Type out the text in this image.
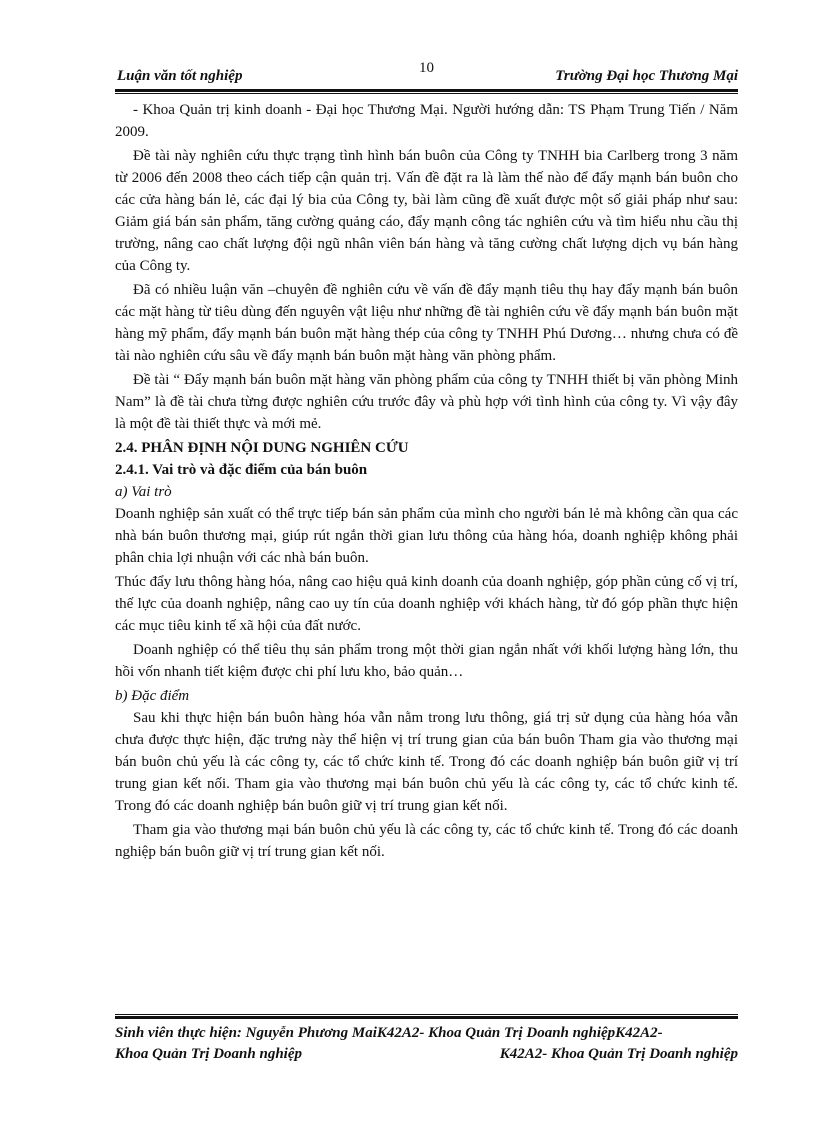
10
Luận văn tốt nghiệp	Trường Đại học Thương Mại

- Khoa Quản trị kinh doanh - Đại học Thương Mại. Người hướng dẫn: TS Phạm Trung Tiến / Năm 2009.

Đề tài này nghiên cứu thực trạng tình hình bán buôn của Công ty TNHH bia Carlberg trong 3 năm từ 2006 đến 2008 theo cách tiếp cận quản trị. Vấn đề đặt ra là làm thế nào để đẩy mạnh bán buôn cho các cửa hàng bán lẻ, các đại lý bia của Công ty, bài làm cũng đề xuất được một số giải pháp như sau: Giảm giá bán sản phẩm, tăng cường quảng cáo, đẩy mạnh công tác nghiên cứu và tìm hiểu nhu cầu thị trường, nâng cao chất lượng đội ngũ nhân viên bán hàng và tăng cường chất lượng dịch vụ bán hàng của Công ty.

Đã có nhiều luận văn –chuyên đề nghiên cứu về vấn đề đẩy mạnh tiêu thụ hay đẩy mạnh bán buôn các mặt hàng từ tiêu dùng đến nguyên vật liệu như những đề tài nghiên cứu về đẩy mạnh bán buôn mặt hàng mỹ phẩm, đẩy mạnh bán buôn mặt hàng thép của công ty TNHH Phú Dương… nhưng chưa có đề tài nào nghiên cứu sâu về đẩy mạnh bán buôn mặt hàng văn phòng phẩm.

Đề tài “ Đẩy mạnh bán buôn mặt hàng văn phòng phẩm của công ty TNHH thiết bị văn phòng Minh Nam” là đề tài chưa từng được nghiên cứu trước đây và phù hợp với tình hình của công ty. Vì vậy đây là một đề tài thiết thực và mới mẻ.

2.4. PHÂN ĐỊNH NỘI DUNG NGHIÊN CỨU
2.4.1. Vai trò và đặc điểm của bán buôn
a) Vai trò

Doanh nghiệp sản xuất có thể trực tiếp bán sản phẩm của mình cho người bán lẻ mà không cần qua các nhà bán buôn thương mại, giúp rút ngắn thời gian lưu thông của hàng hóa, doanh nghiệp không phải phân chia lợi nhuận với các nhà bán buôn.

Thúc đẩy lưu thông hàng hóa, nâng cao hiệu quả kinh doanh của doanh nghiệp, góp phần củng cố vị trí, thế lực của doanh nghiệp, nâng cao uy tín của doanh nghiệp với khách hàng, từ đó góp phần thực hiện các mục tiêu kinh tế xã hội của đất nước.

Doanh nghiệp có thể tiêu thụ sản phẩm trong một thời gian ngắn nhất với khối lượng hàng lớn, thu hồi vốn nhanh tiết kiệm được chi phí lưu kho, bảo quản…

b) Đặc điểm

Sau khi thực hiện bán buôn hàng hóa vẫn nằm trong lưu thông, giá trị sử dụng của hàng hóa vẫn chưa được thực hiện, đặc trưng này thể hiện vị trí trung gian của bán buôn Tham gia vào thương mại bán buôn chủ yếu là các công ty, các tổ chức kinh tế. Trong đó các doanh nghiệp bán buôn giữ vị trí trung gian kết nối. Tham gia vào thương mại bán buôn chủ yếu là các công ty, các tổ chức kinh tế. Trong đó các doanh nghiệp bán buôn giữ vị trí trung gian kết nối.

Tham gia vào thương mại bán buôn chủ yếu là các công ty, các tổ chức kinh tế. Trong đó các doanh nghiệp bán buôn giữ vị trí trung gian kết nối.

Sinh viên thực hiện: Nguyễn Phương MaiK42A2- Khoa Quản Trị Doanh nghiệpK42A2-
Khoa Quản Trị Doanh nghiệp	K42A2- Khoa Quản Trị Doanh nghiệp
